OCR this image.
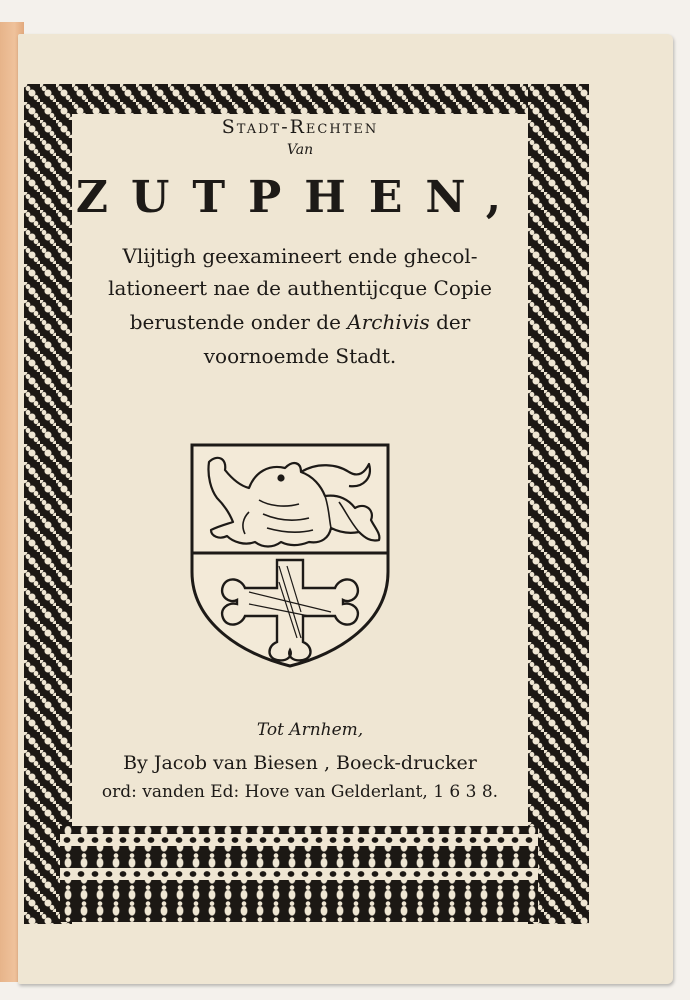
Stadt-Rechten
Van
ZUTPHEN,
Vlijtigh geexamineert ende ghecol-
lationeert nae de authentijcque Copie
berustende onder de Archivis der
voornoemde Stadt.
Tot Arnhem,
By Jacob van Biesen , Boeck-drucker
ord: vanden Ed: Hove van Gelderlant, 1 6 3 8.
